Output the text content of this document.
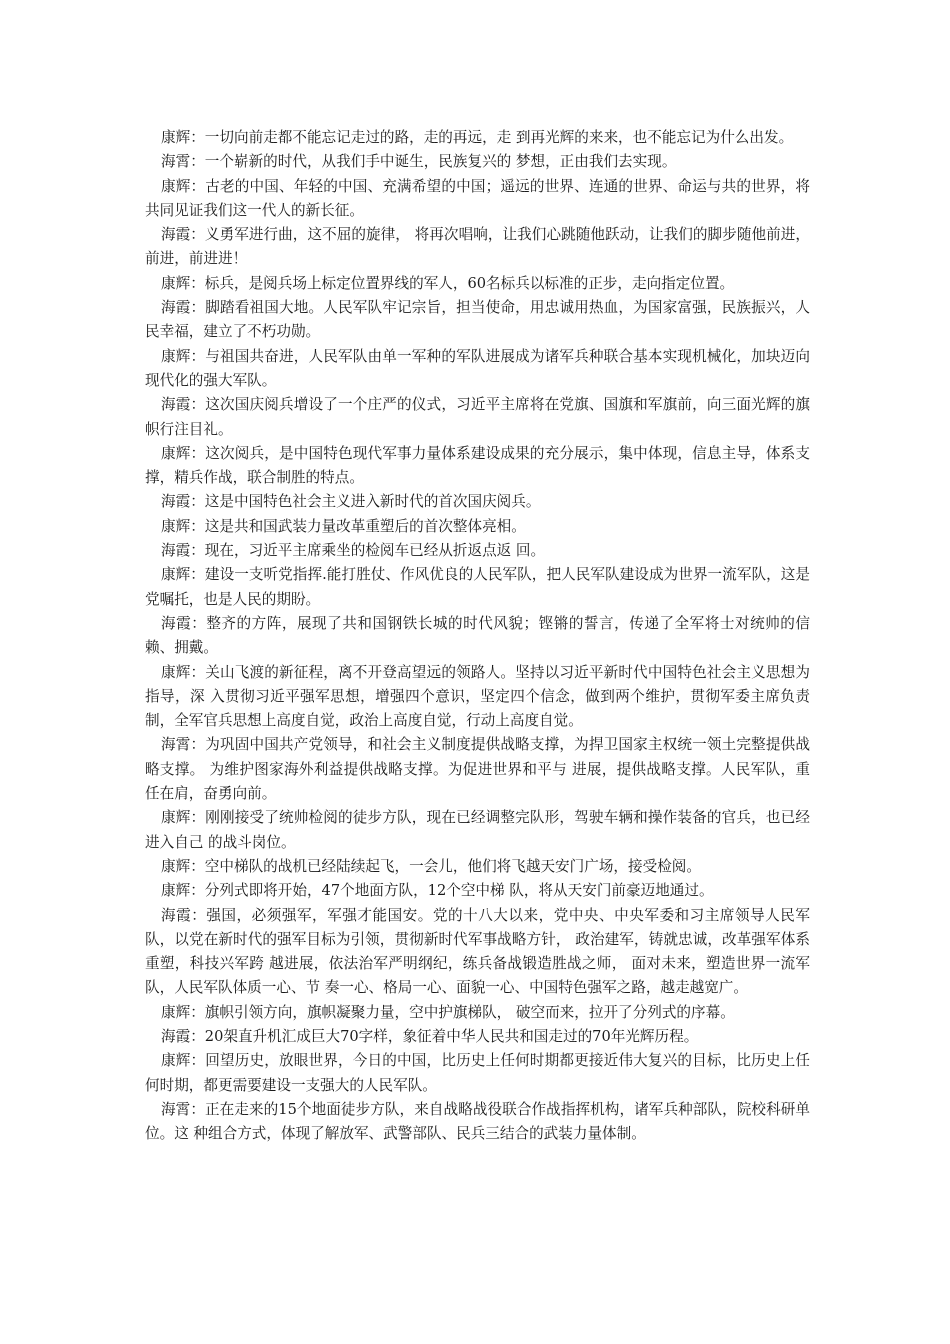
康辉：一切向前走都不能忘记走过的路，走的再远，走 到再光辉的来来，也不能忘记为什么出发。

海霄：一个崭新的时代，从我们手中诞生，民族复兴的 梦想，正由我们去实现。

康辉：古老的中国、年轻的中国、充满希望的中国；遥远的世界、连通的世界、命运与共的世界，将共同见证我们这一代人的新长征。

海霞：义勇军进行曲，这不屈的旋律， 将再次唱响，让我们心跳随他跃动，让我们的脚步随他前进，前进，前进进！

康辉：标兵，是阅兵场上标定位置界线的军人，60名标兵以标准的正步，走向指定位置。

海霞：脚踏看祖国大地。人民军队牢记宗旨，担当使命，用忠诚用热血，为国家富强，民族振兴，人民幸福，建立了不朽功勋。

康辉：与祖国共奋进，人民军队由单一军种的军队进展成为诸军兵种联合基本实现机械化，加块迈向现代化的强大军队。

海霞：这次国庆阅兵增设了一个庄严的仪式，习近平主席将在党旗、国旗和军旗前，向三面光辉的旗帜行注目礼。

康辉：这次阅兵，是中国特色现代军事力量体系建设成果的充分展示，集中体现，信息主导，体系支撑，精兵作战，联合制胜的特点。

海霞：这是中国特色社会主义进入新时代的首次国庆阅兵。

康辉：这是共和国武装力量改革重塑后的首次整体亮相。

海霞：现在，习近平主席乘坐的检阅车已经从折返点返 回。

康辉：建设一支听党指挥.能打胜仗、作风优良的人民军队，把人民军队建设成为世界一流军队，这是党嘱托，也是人民的期盼。

海霞：整齐的方阵，展现了共和国钢铁长城的时代风貌；铿锵的誓言，传递了全军将士对统帅的信赖、拥戴。

康辉：关山飞渡的新征程，离不开登高望远的领路人。坚持以习近平新时代中国特色社会主义思想为指导，深 入贯彻习近平强军思想，增强四个意识，坚定四个信念，做到两个维护，贯彻军委主席负责制，全军官兵思想上高度自觉，政治上高度自觉，行动上高度自觉。

海霄：为巩固中国共产党领导，和社会主义制度提供战略支撑，为捍卫国家主权统一领土完整提供战略支撑。 为维护图家海外利益提供战略支撑。为促进世界和平与 进展，提供战略支撑。人民军队，重任在肩，奋勇向前。

康辉：刚刚接受了统帅检阅的徒步方队，现在已经调整完队形，驾驶车辆和操作装备的官兵，也已经进入自己 的战斗岗位。

康辉：空中梯队的战机已经陆续起飞，一会儿，他们将飞越天安门广场，接受检阅。

康辉：分列式即将开始，47个地面方队，12个空中梯 队，将从天安门前豪迈地通过。

海霞：强国，必须强军，军强才能国安。党的十八大以来，党中央、中央军委和习主席领导人民军队，以党在新时代的强军目标为引领，贯彻新时代军事战略方针， 政治建军，铸就忠诚，改革强军体系重塑，科技兴军跨 越进展，依法治军严明纲纪，练兵备战锻造胜战之师， 面对未来，塑造世界一流军队，人民军队体质一心、节 奏一心、格局一心、面貌一心、中国特色强军之路，越走越宽广。

康辉：旗帜引领方向，旗帜凝聚力量，空中护旗梯队， 破空而来，拉开了分列式的序幕。

海霞：20架直升机汇成巨大70字样，象征着中华人民共和国走过的70年光辉历程。

康辉：回望历史，放眼世界，今日的中国，比历史上任何时期都更接近伟大复兴的目标，比历史上任何时期，都更需要建设一支强大的人民军队。

海霄：正在走来的15个地面徒步方队，来自战略战役联合作战指挥机构，诸军兵种部队，院校科研单位。这 种组合方式，体现了解放军、武警部队、民兵三结合的武装力量体制。
